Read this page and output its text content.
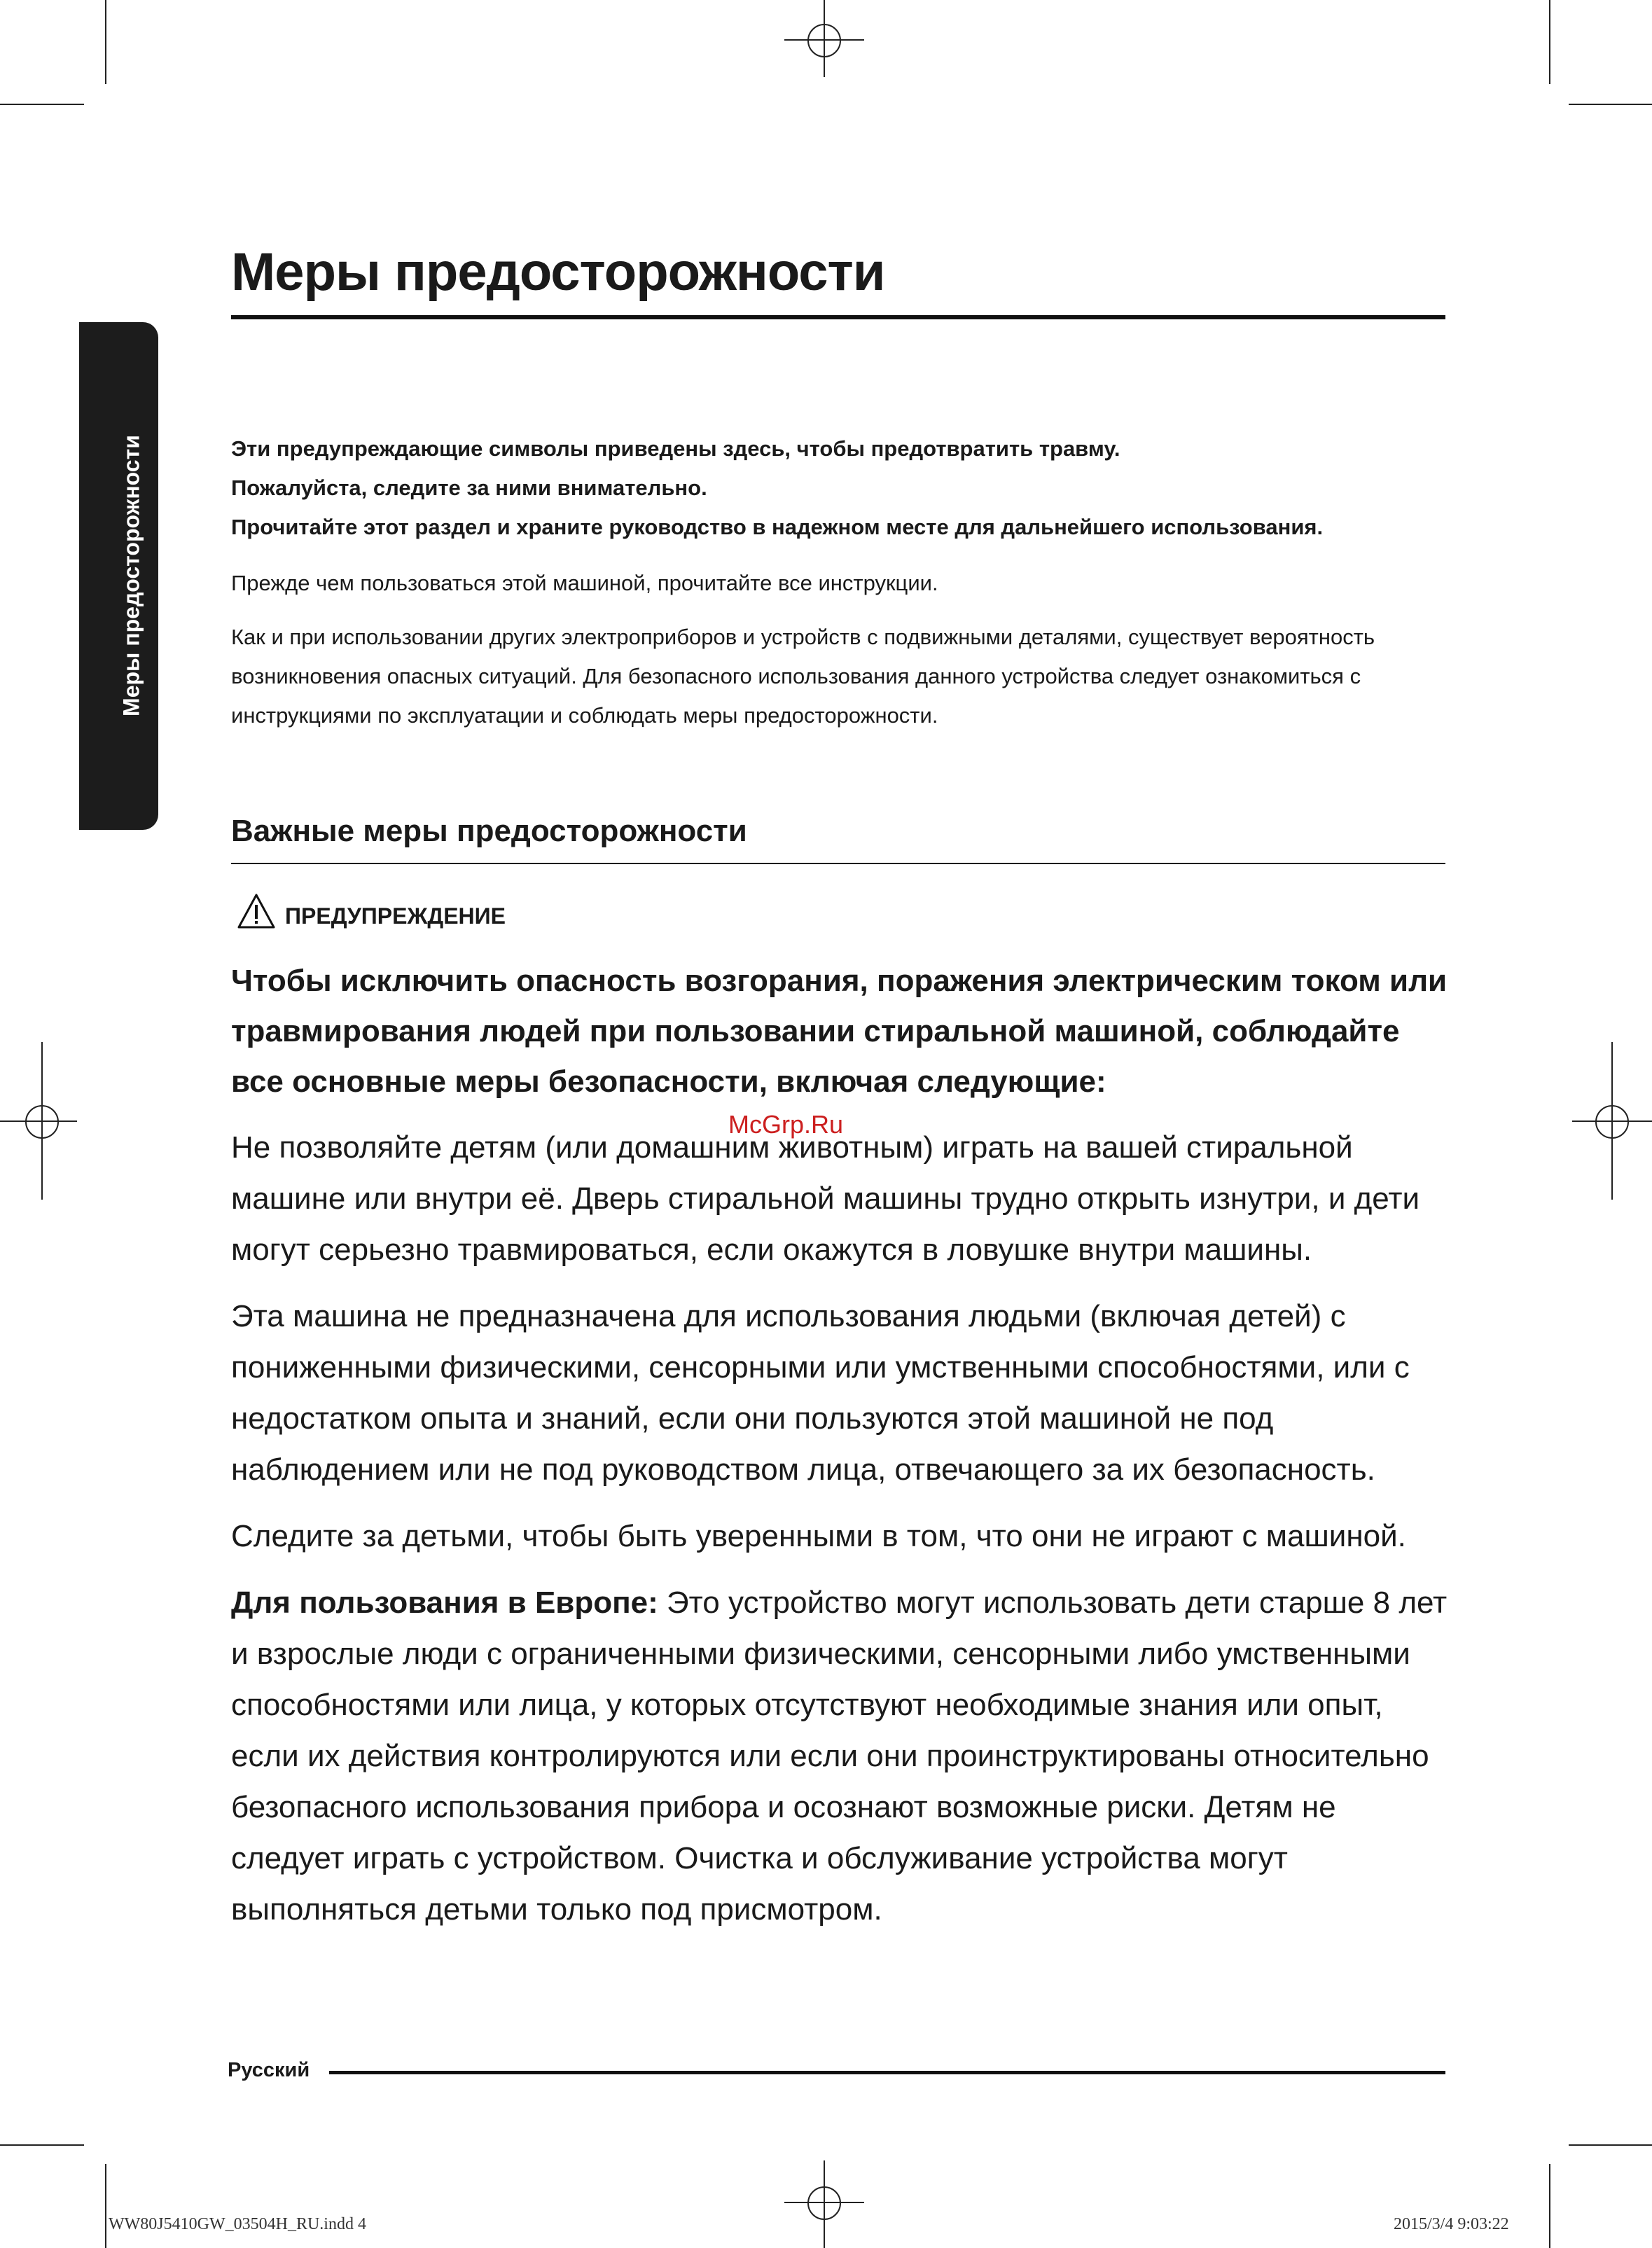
Меры предосторожности
Меры предосторожности	Эти предупреждающие символы приведены здесь, чтобы предотвратить травму.

Пожалуйста, следите за ними внимательно.

Прочитайте этот раздел и храните руководство в надежном месте для дальнейшего использования.

Прежде чем пользоваться этой машиной, прочитайте все инструкции.

Как и при использовании других электроприборов и устройств с подвижными деталями, существует вероятность возникновения опасных ситуаций. Для безопасного использования данного устройства следует ознакомиться с инструкциями по эксплуатации и соблюдать меры предосторожности.

Важные меры предосторожности
ПРЕДУПРЕЖДЕНИЕ

Чтобы исключить опасность возгорания, поражения электрическим током или травмирования людей при пользовании стиральной машиной, соблюдайте все основные меры безопасности, включая следующие:

McGrp.Ru

Не позволяйте детям (или домашним животным) играть на вашей стиральной машине или внутри её. Дверь стиральной машины трудно открыть изнутри, и дети могут серьезно травмироваться, если окажутся в ловушке внутри машины.

Эта машина не предназначена для использования людьми (включая детей) с пониженными физическими, сенсорными или умственными способностями, или с недостатком опыта и знаний, если они пользуются этой машиной не под наблюдением или не под руководством лица, отвечающего за их безопасность.

Следите за детьми, чтобы быть уверенными в том, что они не играют с машиной.

Для пользования в Европе: Это устройство могут использовать дети старше 8 лет и взрослые люди с ограниченными физическими, сенсорными либо умственными способностями или лица, у которых отсутствуют необходимые знания или опыт, если их действия контролируются или если они проинструктированы относительно безопасного использования прибора и осознают возможные риски. Детям не следует играть с устройством. Очистка и обслуживание устройства могут выполняться детьми только под присмотром.

Русский
WW80J5410GW_03504H_RU.indd 4	2015/3/4 9:03:22
